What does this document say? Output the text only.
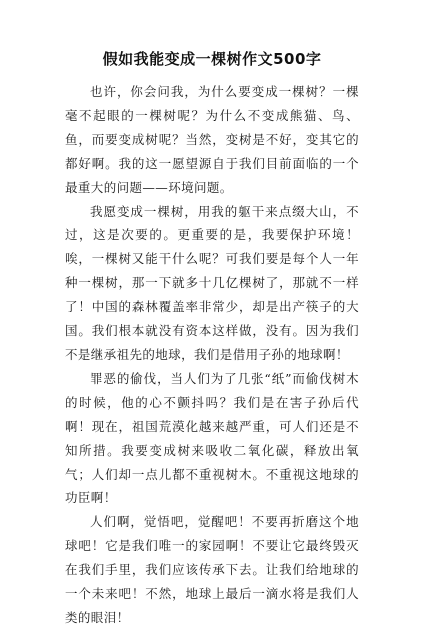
假如我能变成一棵树作文500字

也许，你会问我，为什么要变成一棵树？一棵毫不起眼的一棵树呢？为什么不变成熊猫、鸟、鱼，而要变成树呢？当然，变树是不好，变其它的都好啊。我的这一愿望源自于我们目前面临的一个最重大的问题——环境问题。

我愿变成一棵树，用我的躯干来点缀大山，不过，这是次要的。更重要的是，我要保护环境！唉，一棵树又能干什么呢？可我们要是每个人一年种一棵树，那一下就多十几亿棵树了，那就不一样了！中国的森林覆盖率非常少，却是出产筷子的大国。我们根本就没有资本这样做，没有。因为我们不是继承祖先的地球，我们是借用子孙的地球啊！

罪恶的偷伐，当人们为了几张“纸”而偷伐树木的时候，他的心不颤抖吗？我们是在害子孙后代啊！现在，祖国荒漠化越来越严重，可人们还是不知所措。我要变成树来吸收二氧化碳，释放出氧气；人们却一点儿都不重视树木。不重视这地球的功臣啊！

人们啊，觉悟吧，觉醒吧！不要再折磨这个地球吧！它是我们唯一的家园啊！不要让它最终毁灭在我们手里，我们应该传承下去。让我们给地球的一个未来吧！不然，地球上最后一滴水将是我们人类的眼泪！
